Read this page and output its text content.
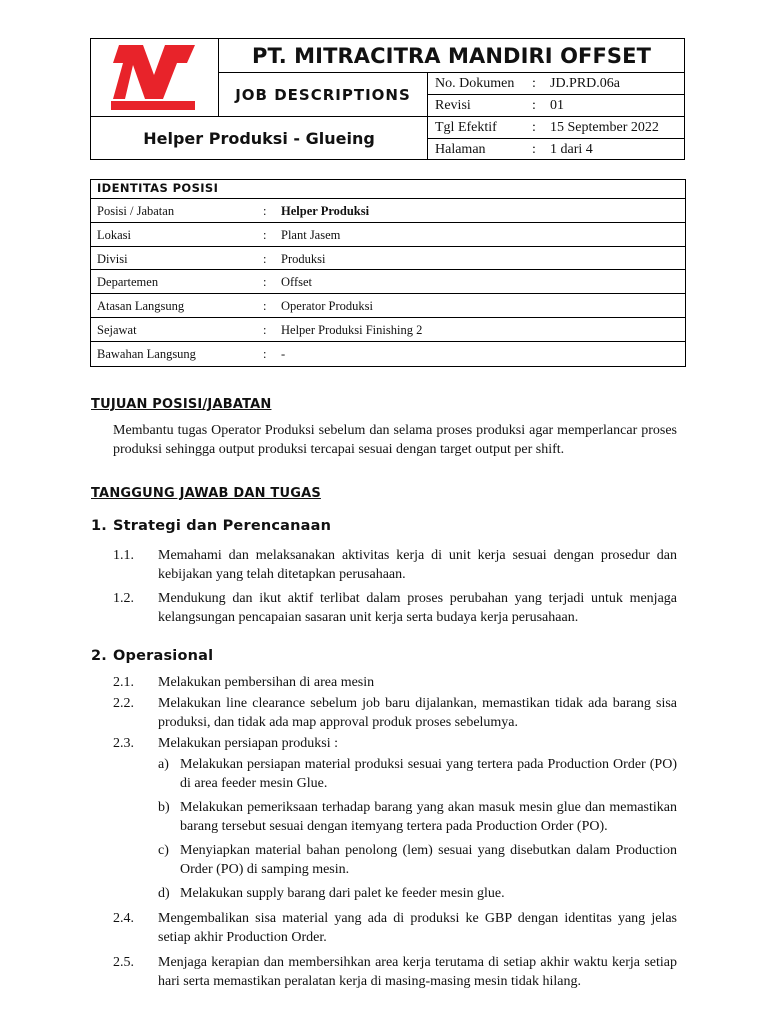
PT. MITRACITRA MANDIRI OFFSET
JOB DESCRIPTIONS
Helper Produksi - Glueing
No. Dokumen : JD.PRD.06a
Revisi	: 01
Tgl Efektif	: 15 September 2022
Halaman	: 1 dari 4
IDENTITAS POSISI
Posisi / Jabatan	: Helper Produksi
Lokasi	: Plant Jasem
Divisi	: Produksi
Departemen	: Offset
Atasan Langsung	: Operator Produksi
Sejawat	: Helper Produksi Finishing 2
Bawahan Langsung	: -
TUJUAN POSISI/JABATAN
Membantu tugas Operator Produksi sebelum dan selama proses produksi agar memperlancar proses produksi sehingga output produksi tercapai sesuai dengan target output per shift.
TANGGUNG JAWAB DAN TUGAS
1. Strategi dan Perencanaan
1.1. Memahami dan melaksanakan aktivitas kerja di unit kerja sesuai dengan prosedur dan kebijakan yang telah ditetapkan perusahaan.
1.2. Mendukung dan ikut aktif terlibat dalam proses perubahan yang terjadi untuk menjaga kelangsungan pencapaian sasaran unit kerja serta budaya kerja perusahaan.
2. Operasional
2.1. Melakukan pembersihan di area mesin
2.2. Melakukan line clearance sebelum job baru dijalankan, memastikan tidak ada barang sisa produksi, dan tidak ada map approval produk proses sebelumya.
2.3. Melakukan persiapan produksi :
a) Melakukan persiapan material produksi sesuai yang tertera pada Production Order (PO) di area feeder mesin Glue.
b) Melakukan pemeriksaan terhadap barang yang akan masuk mesin glue dan memastikan barang tersebut sesuai dengan itemyang tertera pada Production Order (PO).
c) Menyiapkan material bahan penolong (lem) sesuai yang disebutkan dalam Production Order (PO) di samping mesin.
d) Melakukan supply barang dari palet ke feeder mesin glue.
2.4. Mengembalikan sisa material yang ada di produksi ke GBP dengan identitas yang jelas setiap akhir Production Order.
2.5. Menjaga kerapian dan membersihkan area kerja terutama di setiap akhir waktu kerja setiap hari serta memastikan peralatan kerja di masing-masing mesin tidak hilang.
